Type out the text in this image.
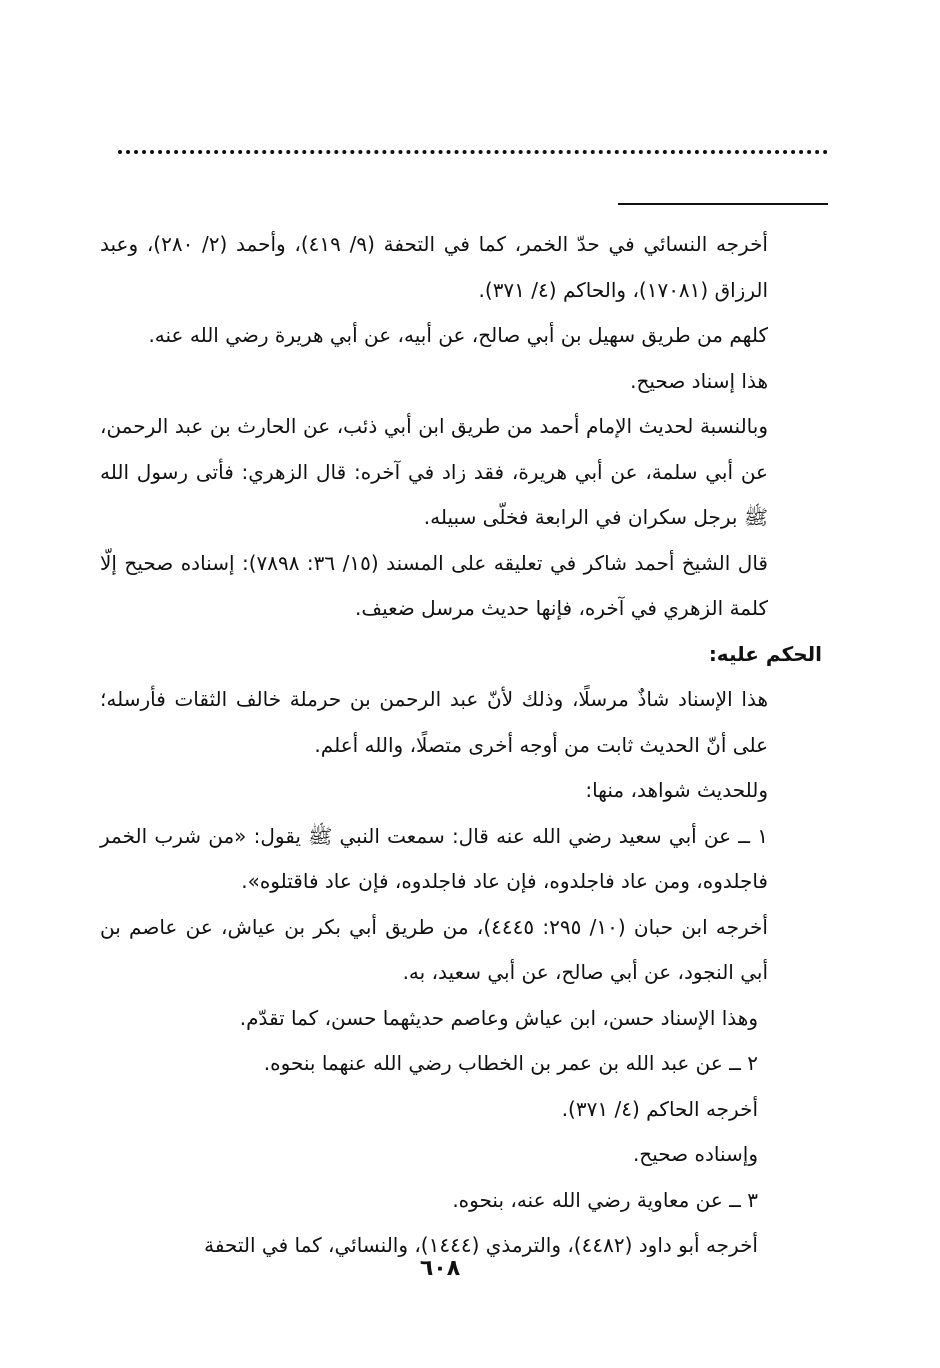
أخرجه النسائي في حدّ الخمر، كما في التحفة (٩/ ٤١٩)، وأحمد (٢/ ٢٨٠)، وعبد الرزاق (١٧٠٨١)، والحاكم (٤/ ٣٧١).

كلهم من طريق سهيل بن أبي صالح، عن أبيه، عن أبي هريرة رضي الله عنه.

هذا إسناد صحيح.

وبالنسبة لحديث الإمام أحمد من طريق ابن أبي ذئب، عن الحارث بن عبد الرحمن، عن أبي سلمة، عن أبي هريرة، فقد زاد في آخره: قال الزهري: فأتى رسول الله ﷺ برجل سكران في الرابعة فخلّى سبيله.

قال الشيخ أحمد شاكر في تعليقه على المسند (١٥/ ٣٦: ٧٨٩٨): إسناده صحيح إلّا كلمة الزهري في آخره، فإنها حديث مرسل ضعيف.

الحكم عليه:

هذا الإسناد شاذٌ مرسلًا، وذلك لأنّ عبد الرحمن بن حرملة خالف الثقات فأرسله؛ على أنّ الحديث ثابت من أوجه أخرى متصلًا، والله أعلم.

وللحديث شواهد، منها:

١ ــ عن أبي سعيد رضي الله عنه قال: سمعت النبي ﷺ يقول: «من شرب الخمر فاجلدوه، ومن عاد فاجلدوه، فإن عاد فاجلدوه، فإن عاد فاقتلوه».

أخرجه ابن حبان (١٠/ ٢٩٥: ٤٤٤٥)، من طريق أبي بكر بن عياش، عن عاصم بن أبي النجود، عن أبي صالح، عن أبي سعيد، به.

وهذا الإسناد حسن، ابن عياش وعاصم حديثهما حسن، كما تقدّم.

٢ ــ عن عبد الله بن عمر بن الخطاب رضي الله عنهما بنحوه.

أخرجه الحاكم (٤/ ٣٧١).

وإسناده صحيح.

٣ ــ عن معاوية رضي الله عنه، بنحوه.

أخرجه أبو داود (٤٤٨٢)، والترمذي (١٤٤٤)، والنسائي، كما في التحفة

٦٠٨
